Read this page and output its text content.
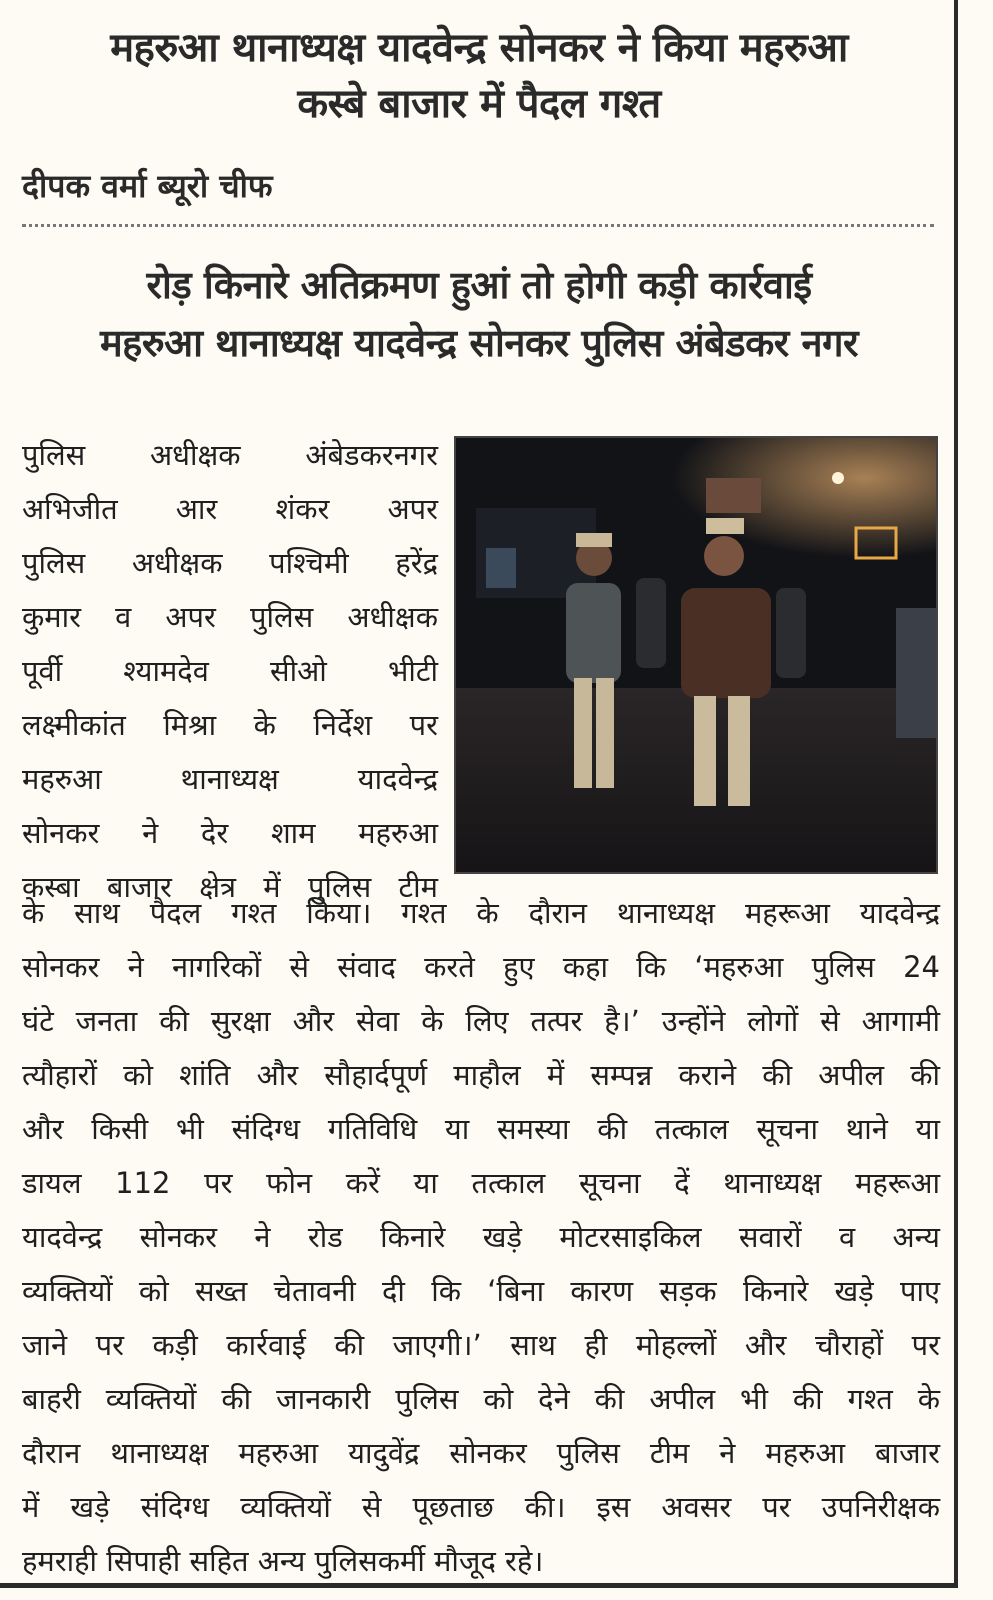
महरुआ थानाध्यक्ष यादवेन्द्र सोनकर ने किया महरुआ
कस्बे बाजार में पैदल गश्त
दीपक वर्मा ब्यूरो चीफ
रोड़ किनारे अतिक्रमण हुआं तो होगी कड़ी कार्रवाई
महरुआ थानाध्यक्ष यादवेन्द्र सोनकर पुलिस अंबेडकर नगर
पुलिस अधीक्षक अंबेडकरनगर
अभिजीत आर शंकर अपर
पुलिस अधीक्षक पश्चिमी हरेंद्र
कुमार व अपर पुलिस अधीक्षक
पूर्वी श्यामदेव सीओ भीटी
लक्ष्मीकांत मिश्रा के निर्देश पर
महरुआ थानाध्यक्ष यादवेन्द्र
सोनकर ने देर शाम महरुआ
कस्बा बाजार क्षेत्र में पुलिस टीम
के साथ पैदल गश्त किया। गश्त के दौरान थानाध्यक्ष महरूआ यादवेन्द्र
सोनकर ने नागरिकों से संवाद करते हुए कहा कि ‘महरुआ पुलिस 24
घंटे जनता की सुरक्षा और सेवा के लिए तत्पर है।’ उन्होंने लोगों से आगामी
त्यौहारों को शांति और सौहार्दपूर्ण माहौल में सम्पन्न कराने की अपील की
और किसी भी संदिग्ध गतिविधि या समस्या की तत्काल सूचना थाने या
डायल 112 पर फोन करें या तत्काल सूचना दें थानाध्यक्ष महरूआ
यादवेन्द्र सोनकर ने रोड किनारे खड़े मोटरसाइकिल सवारों व अन्य
व्यक्तियों को सख्त चेतावनी दी कि ‘बिना कारण सड़क किनारे खड़े पाए
जाने पर कड़ी कार्रवाई की जाएगी।’ साथ ही मोहल्लों और चौराहों पर
बाहरी व्यक्तियों की जानकारी पुलिस को देने की अपील भी की गश्त के
दौरान थानाध्यक्ष महरुआ यादुवेंद्र सोनकर पुलिस टीम ने महरुआ बाजार
में खड़े संदिग्ध व्यक्तियों से पूछताछ की। इस अवसर पर उपनिरीक्षक
हमराही सिपाही सहित अन्य पुलिसकर्मी मौजूद रहे।
